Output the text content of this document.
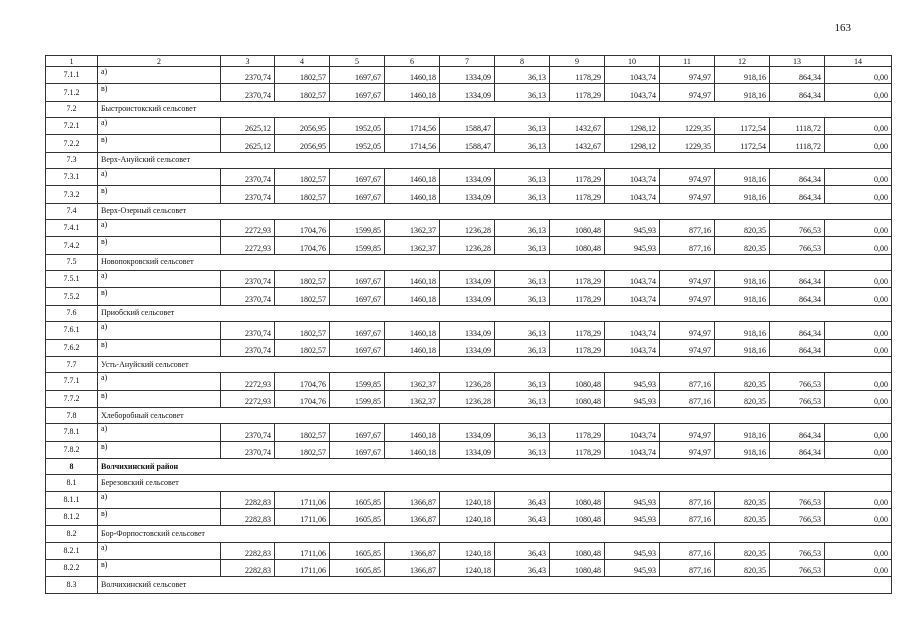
163
1	2	3	4	5	6	7	8	9	10	11	12	13	14
7.1.1	а)	2370,74	1802,57	1697,67	1460,18	1334,09	36,13	1178,29	1043,74	974,97	918,16	864,34	0,00
7.1.2	в)	2370,74	1802,57	1697,67	1460,18	1334,09	36,13	1178,29	1043,74	974,97	918,16	864,34	0,00
7.2	Быстроистокский сельсовет												
7.2.1	а)	2625,12	2056,95	1952,05	1714,56	1588,47	36,13	1432,67	1298,12	1229,35	1172,54	1118,72	0,00
7.2.2	в)	2625,12	2056,95	1952,05	1714,56	1588,47	36,13	1432,67	1298,12	1229,35	1172,54	1118,72	0,00
7.3	Верх-Ануйский сельсовет												
7.3.1	а)	2370,74	1802,57	1697,67	1460,18	1334,09	36,13	1178,29	1043,74	974,97	918,16	864,34	0,00
7.3.2	в)	2370,74	1802,57	1697,67	1460,18	1334,09	36,13	1178,29	1043,74	974,97	918,16	864,34	0,00
7.4	Верх-Озерный сельсовет												
7.4.1	а)	2272,93	1704,76	1599,85	1362,37	1236,28	36,13	1080,48	945,93	877,16	820,35	766,53	0,00
7.4.2	в)	2272,93	1704,76	1599,85	1362,37	1236,28	36,13	1080,48	945,93	877,16	820,35	766,53	0,00
7.5	Новопокровский сельсовет												
7.5.1	а)	2370,74	1802,57	1697,67	1460,18	1334,09	36,13	1178,29	1043,74	974,97	918,16	864,34	0,00
7.5.2	в)	2370,74	1802,57	1697,67	1460,18	1334,09	36,13	1178,29	1043,74	974,97	918,16	864,34	0,00
7.6	Приобский сельсовет												
7.6.1	а)	2370,74	1802,57	1697,67	1460,18	1334,09	36,13	1178,29	1043,74	974,97	918,16	864,34	0,00
7.6.2	в)	2370,74	1802,57	1697,67	1460,18	1334,09	36,13	1178,29	1043,74	974,97	918,16	864,34	0,00
7.7	Усть-Ануйский сельсовет												
7.7.1	а)	2272,93	1704,76	1599,85	1362,37	1236,28	36,13	1080,48	945,93	877,16	820,35	766,53	0,00
7.7.2	в)	2272,93	1704,76	1599,85	1362,37	1236,28	36,13	1080,48	945,93	877,16	820,35	766,53	0,00
7.8	Хлеборобный сельсовет												
7.8.1	а)	2370,74	1802,57	1697,67	1460,18	1334,09	36,13	1178,29	1043,74	974,97	918,16	864,34	0,00
7.8.2	в)	2370,74	1802,57	1697,67	1460,18	1334,09	36,13	1178,29	1043,74	974,97	918,16	864,34	0,00
8	Волчихинский район												
8.1	Березовский сельсовет												
8.1.1	а)	2282,83	1711,06	1605,85	1366,87	1240,18	36,43	1080,48	945,93	877,16	820,35	766,53	0,00
8.1.2	в)	2282,83	1711,06	1605,85	1366,87	1240,18	36,43	1080,48	945,93	877,16	820,35	766,53	0,00
8.2	Бор-Форпостовский сельсовет												
8.2.1	а)	2282,83	1711,06	1605,85	1366,87	1240,18	36,43	1080,48	945,93	877,16	820,35	766,53	0,00
8.2.2	в)	2282,83	1711,06	1605,85	1366,87	1240,18	36,43	1080,48	945,93	877,16	820,35	766,53	0,00
8.3	Волчихинский сельсовет												
